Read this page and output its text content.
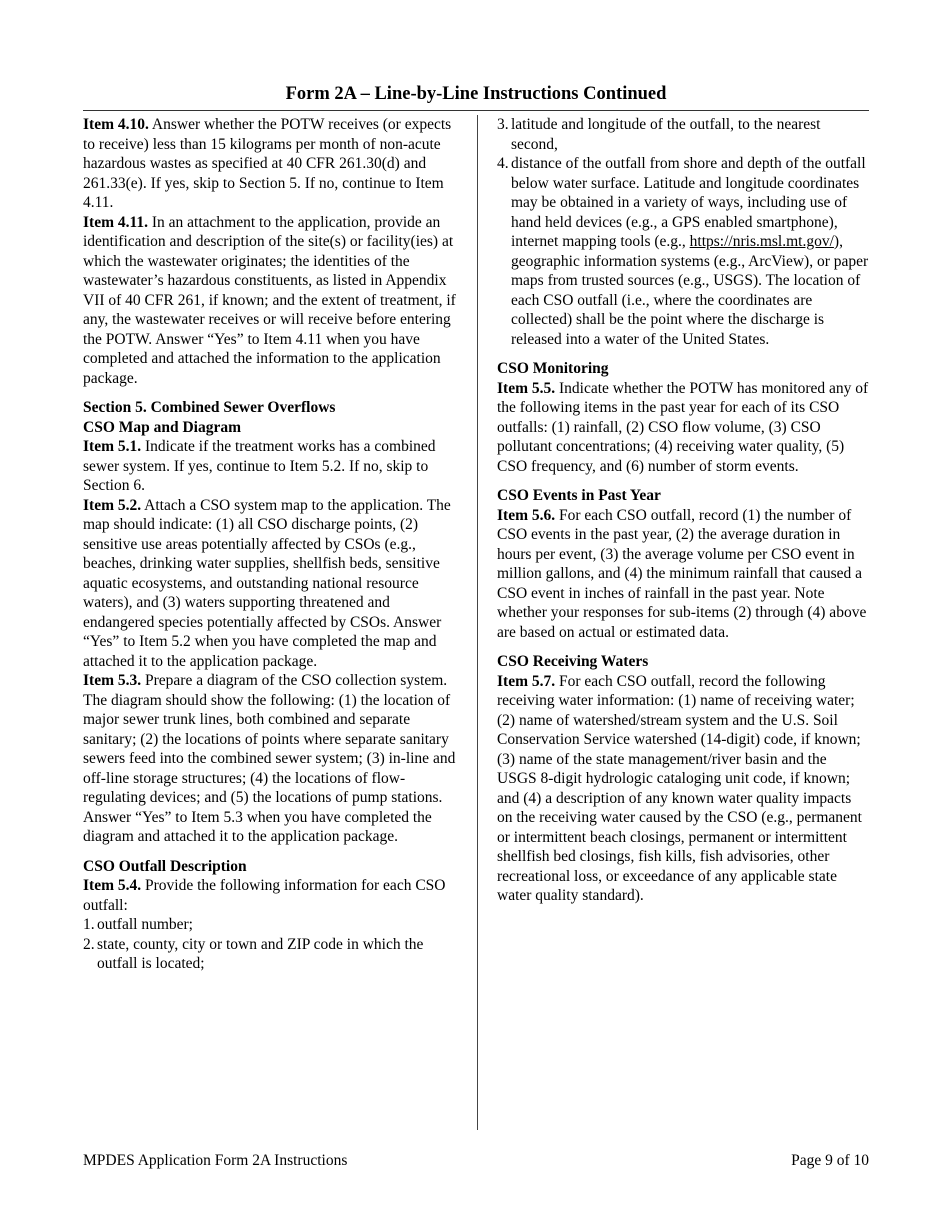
Form 2A – Line-by-Line Instructions Continued

Item 4.10. Answer whether the POTW receives (or expects to receive) less than 15 kilograms per month of non-acute hazardous wastes as specified at 40 CFR 261.30(d) and 261.33(e). If yes, skip to Section 5. If no, continue to Item 4.11.

Item 4.11. In an attachment to the application, provide an identification and description of the site(s) or facility(ies) at which the wastewater originates; the identities of the wastewater’s hazardous constituents, as listed in Appendix VII of 40 CFR 261, if known; and the extent of treatment, if any, the wastewater receives or will receive before entering the POTW. Answer “Yes” to Item 4.11 when you have completed and attached the information to the application package.

Section 5. Combined Sewer Overflows
CSO Map and Diagram

Item 5.1. Indicate if the treatment works has a combined sewer system. If yes, continue to Item 5.2. If no, skip to Section 6.

Item 5.2. Attach a CSO system map to the application. The map should indicate: (1) all CSO discharge points, (2) sensitive use areas potentially affected by CSOs (e.g., beaches, drinking water supplies, shellfish beds, sensitive aquatic ecosystems, and outstanding national resource waters), and (3) waters supporting threatened and endangered species potentially affected by CSOs. Answer “Yes” to Item 5.2 when you have completed the map and attached it to the application package.

Item 5.3. Prepare a diagram of the CSO collection system. The diagram should show the following: (1) the location of major sewer trunk lines, both combined and separate sanitary; (2) the locations of points where separate sanitary sewers feed into the combined sewer system; (3) in-line and off-line storage structures; (4) the locations of flow-regulating devices; and (5) the locations of pump stations. Answer “Yes” to Item 5.3 when you have completed the diagram and attached it to the application package.

CSO Outfall Description

Item 5.4. Provide the following information for each CSO outfall:

1. outfall number;
2. state, county, city or town and ZIP code in which the outfall is located;
3. latitude and longitude of the outfall, to the nearest second,
4. distance of the outfall from shore and depth of the outfall below water surface. Latitude and longitude coordinates may be obtained in a variety of ways, including use of hand held devices (e.g., a GPS enabled smartphone), internet mapping tools (e.g., https://nris.msl.mt.gov/), geographic information systems (e.g., ArcView), or paper maps from trusted sources (e.g., USGS). The location of each CSO outfall (i.e., where the coordinates are collected) shall be the point where the discharge is released into a water of the United States.
CSO Monitoring

Item 5.5. Indicate whether the POTW has monitored any of the following items in the past year for each of its CSO outfalls: (1) rainfall, (2) CSO flow volume, (3) CSO pollutant concentrations; (4) receiving water quality, (5) CSO frequency, and (6) number of storm events.

CSO Events in Past Year

Item 5.6. For each CSO outfall, record (1) the number of CSO events in the past year, (2) the average duration in hours per event, (3) the average volume per CSO event in million gallons, and (4) the minimum rainfall that caused a CSO event in inches of rainfall in the past year. Note whether your responses for sub-items (2) through (4) above are based on actual or estimated data.

CSO Receiving Waters

Item 5.7. For each CSO outfall, record the following receiving water information: (1) name of receiving water; (2) name of watershed/stream system and the U.S. Soil Conservation Service watershed (14-digit) code, if known; (3) name of the state management/river basin and the USGS 8-digit hydrologic cataloging unit code, if known; and (4) a description of any known water quality impacts on the receiving water caused by the CSO (e.g., permanent or intermittent beach closings, permanent or intermittent shellfish bed closings, fish kills, fish advisories, other recreational loss, or exceedance of any applicable state water quality standard).

MPDES Application Form 2A Instructions	Page 9 of 10
